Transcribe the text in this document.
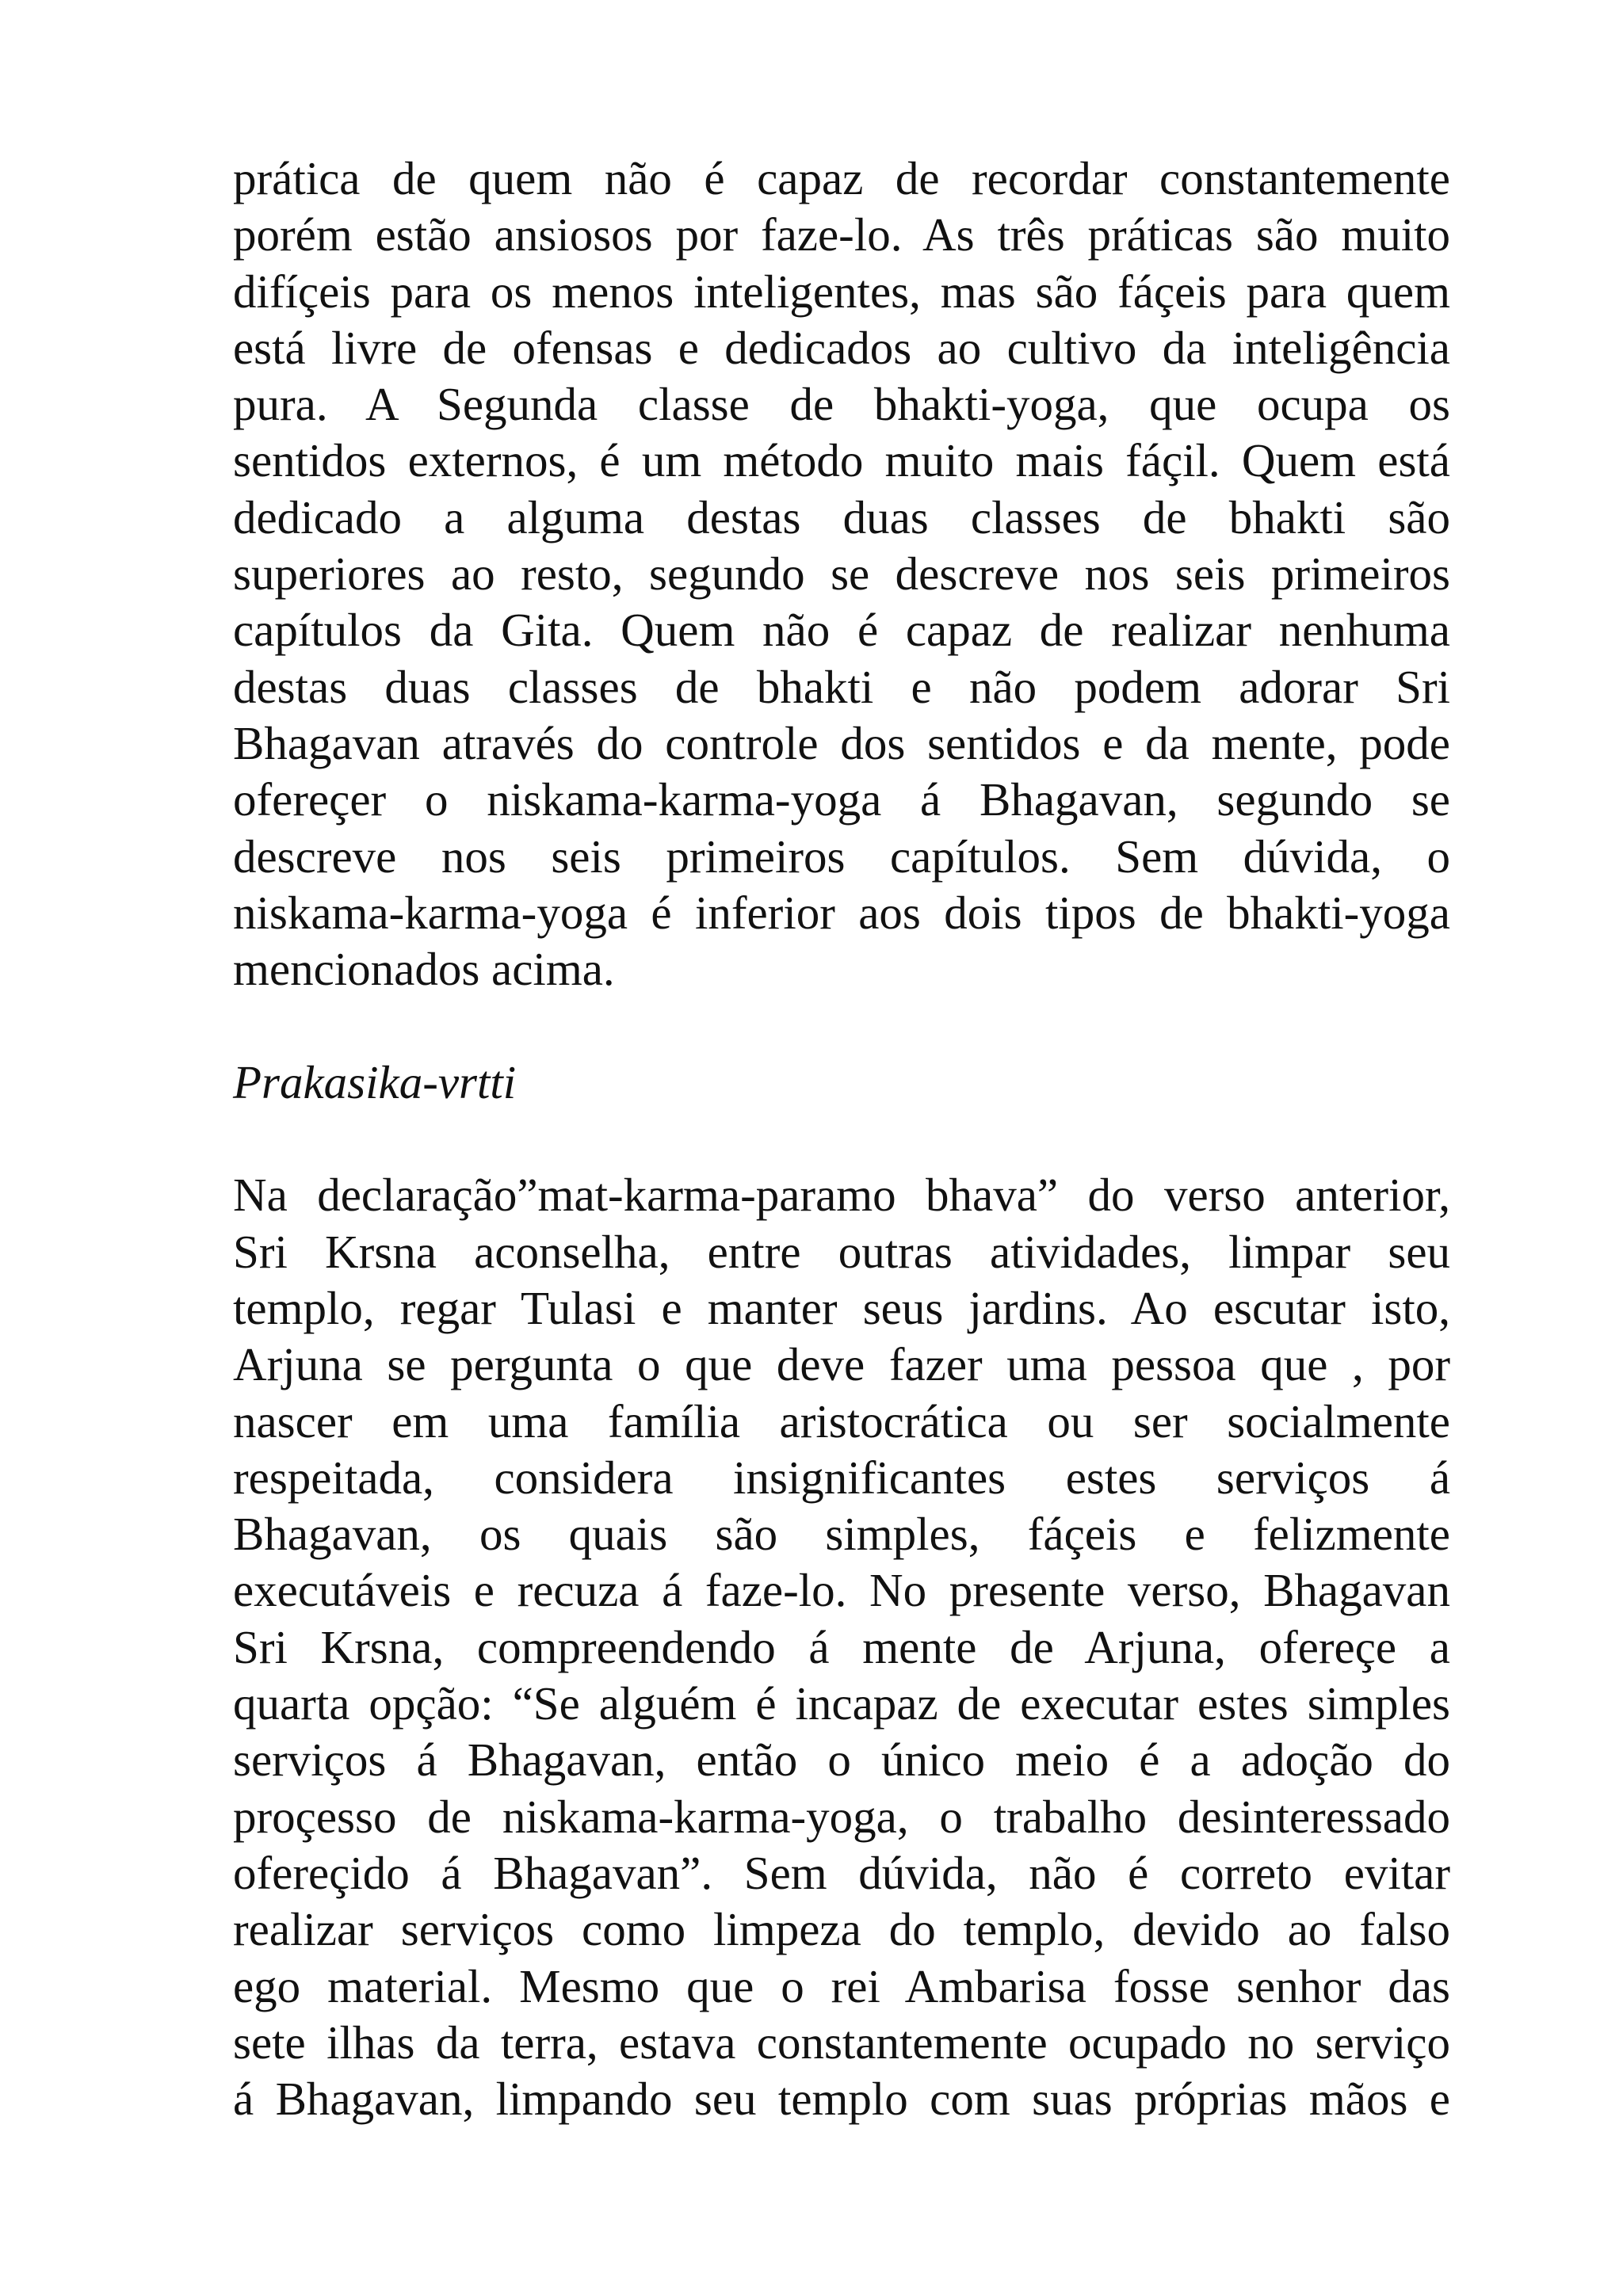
prática de quem não é capaz de recordar constantemente
porém estão ansiosos por faze-lo. As três práticas são muito
difíçeis para os menos inteligentes, mas são fáçeis para quem
está livre de ofensas e dedicados ao cultivo da inteligência
pura. A Segunda classe de bhakti-yoga, que ocupa os
sentidos externos, é um método muito mais fáçil. Quem está
dedicado a alguma destas duas classes de bhakti são
superiores ao resto, segundo se descreve nos seis primeiros
capítulos da Gita. Quem não é capaz de realizar nenhuma
destas duas classes de bhakti e não podem adorar Sri
Bhagavan através do controle dos sentidos e da mente, pode
ofereçer o niskama-karma-yoga á Bhagavan, segundo se
descreve nos seis primeiros capítulos. Sem dúvida, o
niskama-karma-yoga é inferior aos dois tipos de bhakti-yoga
mencionados acima.
Prakasika-vrtti
Na declaração”mat-karma-paramo bhava” do verso anterior,
Sri Krsna aconselha, entre outras atividades, limpar seu
templo, regar Tulasi e manter seus jardins. Ao escutar isto,
Arjuna se pergunta o que deve fazer uma pessoa que , por
nascer em uma família aristocrática ou ser socialmente
respeitada, considera insignificantes estes serviços á
Bhagavan, os quais são simples, fáçeis e felizmente
executáveis e recuza á faze-lo. No presente verso, Bhagavan
Sri Krsna, compreendendo á mente de Arjuna, ofereçe a
quarta opção: “Se alguém é incapaz de executar estes simples
serviços á Bhagavan, então o único meio é a adoção do
proçesso de niskama-karma-yoga, o trabalho desinteressado
ofereçido á Bhagavan”. Sem dúvida, não é correto evitar
realizar serviços como limpeza do templo, devido ao falso
ego material. Mesmo que o rei Ambarisa fosse senhor das
sete ilhas da terra, estava constantemente ocupado no serviço
á Bhagavan, limpando seu templo com suas próprias mãos e
